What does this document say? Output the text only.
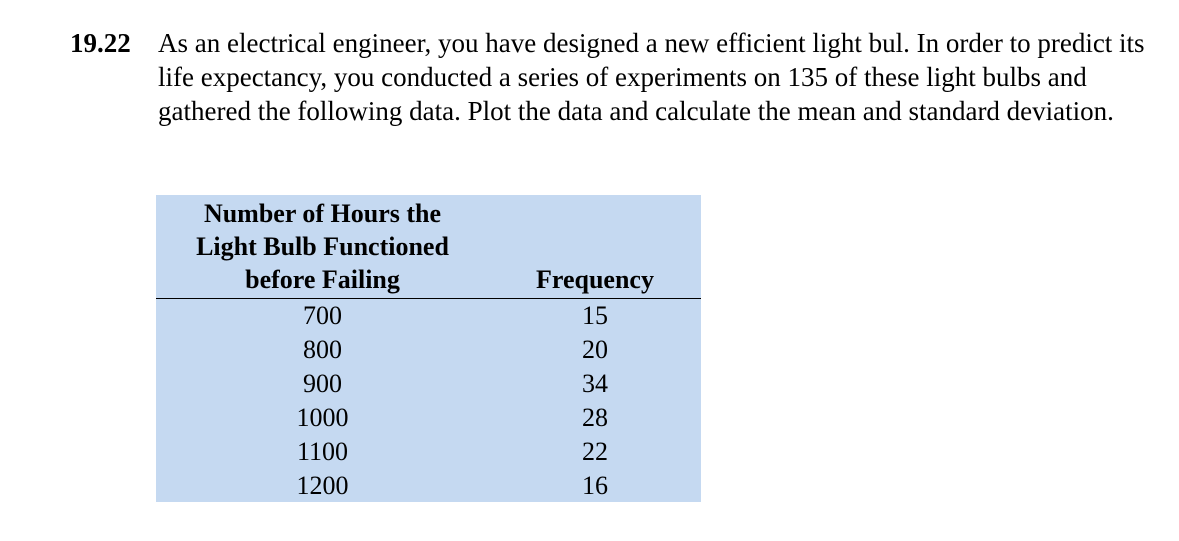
19.22 As an electrical engineer, you have designed a new efficient light bul. In order to predict its life expectancy, you conducted a series of experiments on 135 of these light bulbs and gathered the following data. Plot the data and calculate the mean and standard deviation.
Number of Hours the
Light Bulb Functioned
before Failing	Frequency
700	15
800	20
900	34
1000	28
1100	22
1200	16
